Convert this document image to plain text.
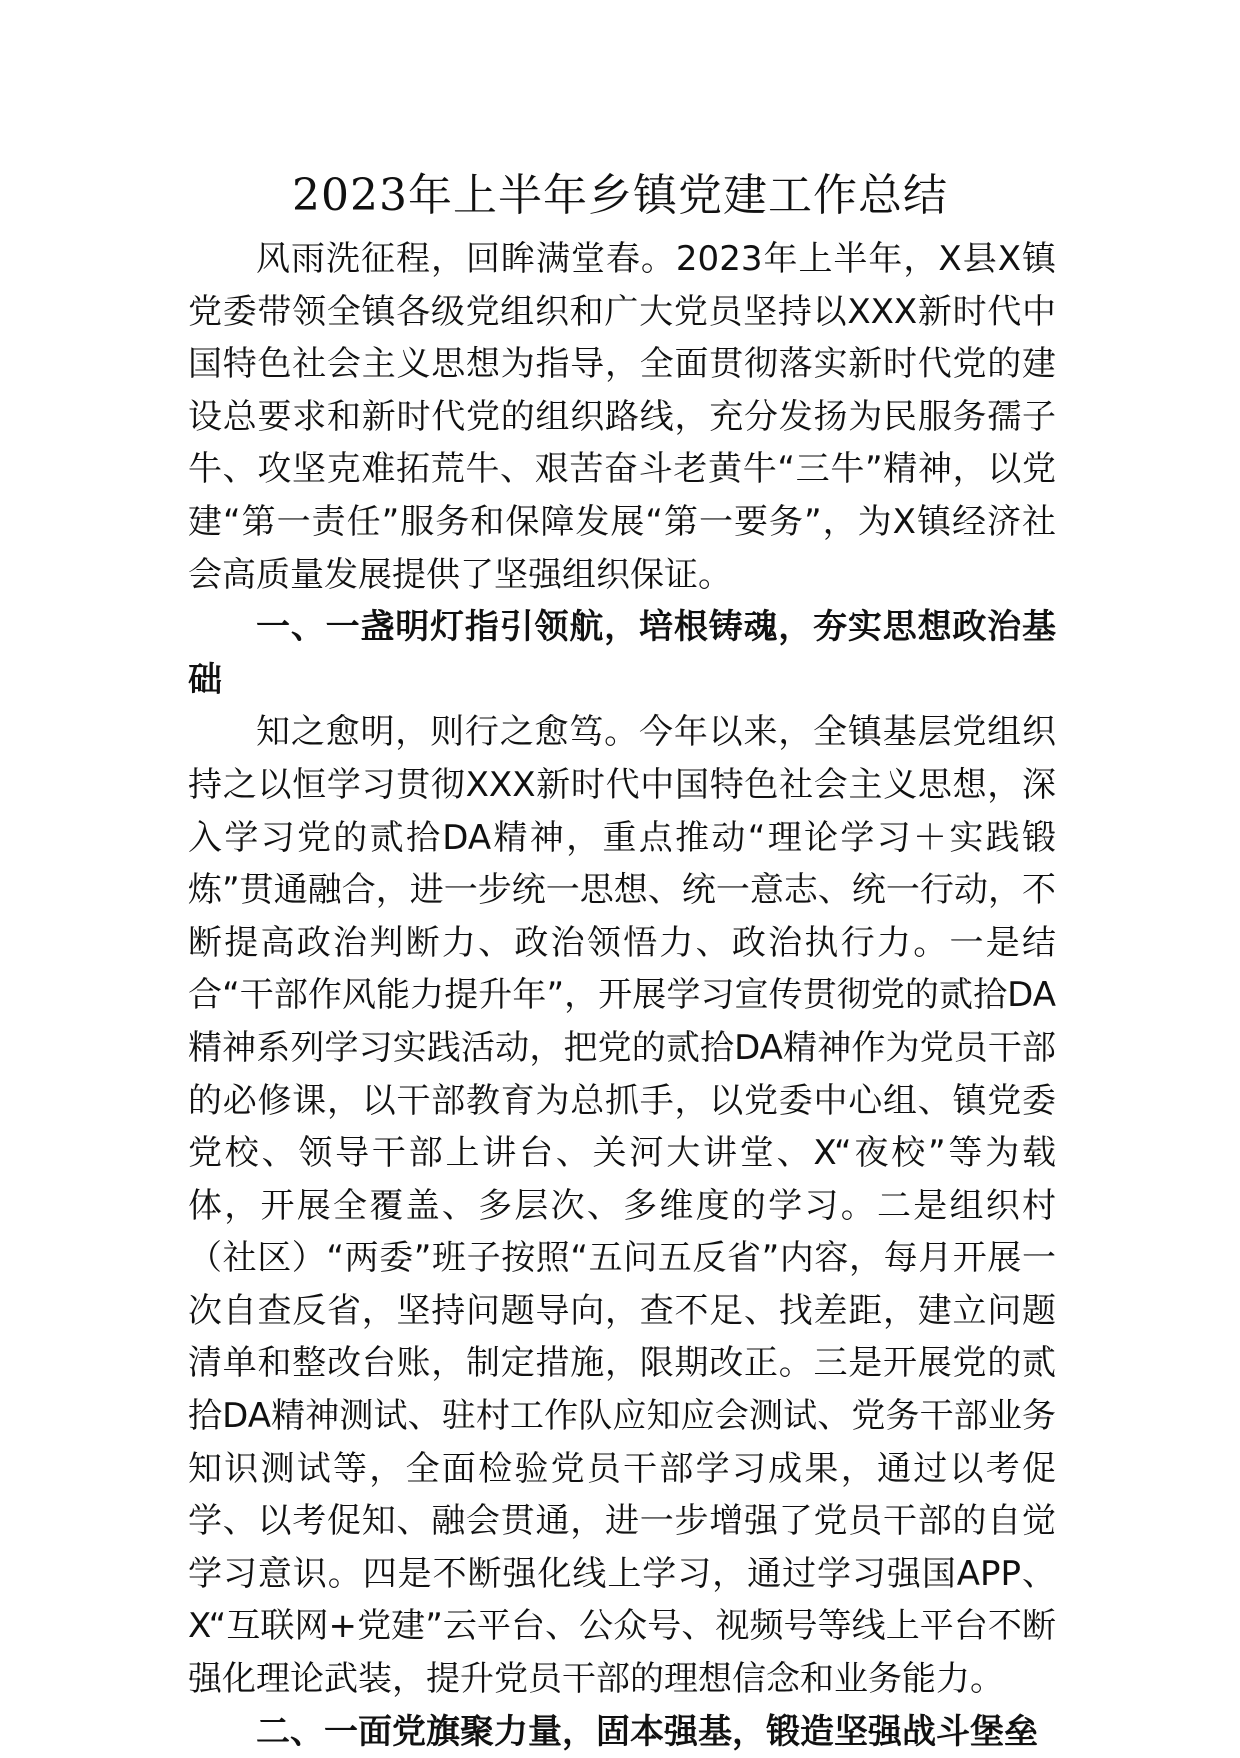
2023年上半年乡镇党建工作总结

风雨洗征程，回眸满堂春。2023年上半年，X县X镇党委带领全镇各级党组织和广大党员坚持以XXX新时代中国特色社会主义思想为指导，全面贯彻落实新时代党的建设总要求和新时代党的组织路线，充分发扬为民服务孺子牛、攻坚克难拓荒牛、艰苦奋斗老黄牛“三牛”精神，以党建“第一责任”服务和保障发展“第一要务”，为X镇经济社会高质量发展提供了坚强组织保证。

一、一盏明灯指引领航，培根铸魂，夯实思想政治基础

知之愈明，则行之愈笃。今年以来，全镇基层党组织持之以恒学习贯彻XXX新时代中国特色社会主义思想，深入学习党的贰拾DA精神，重点推动“理论学习＋实践锻炼”贯通融合，进一步统一思想、统一意志、统一行动，不断提高政治判断力、政治领悟力、政治执行力。一是结合“干部作风能力提升年”，开展学习宣传贯彻党的贰拾DA精神系列学习实践活动，把党的贰拾DA精神作为党员干部的必修课，以干部教育为总抓手，以党委中心组、镇党委党校、领导干部上讲台、关河大讲堂、X“夜校”等为载体，开展全覆盖、多层次、多维度的学习。二是组织村（社区）“两委”班子按照“五问五反省”内容，每月开展一次自查反省，坚持问题导向，查不足、找差距，建立问题清单和整改台账，制定措施，限期改正。三是开展党的贰拾DA精神测试、驻村工作队应知应会测试、党务干部业务知识测试等，全面检验党员干部学习成果，通过以考促学、以考促知、融会贯通，进一步增强了党员干部的自觉学习意识。四是不断强化线上学习，通过学习强国APP、X“互联网+党建”云平台、公众号、视频号等线上平台不断强化理论武装，提升党员干部的理想信念和业务能力。

二、一面党旗聚力量，固本强基，锻造坚强战斗堡垒
